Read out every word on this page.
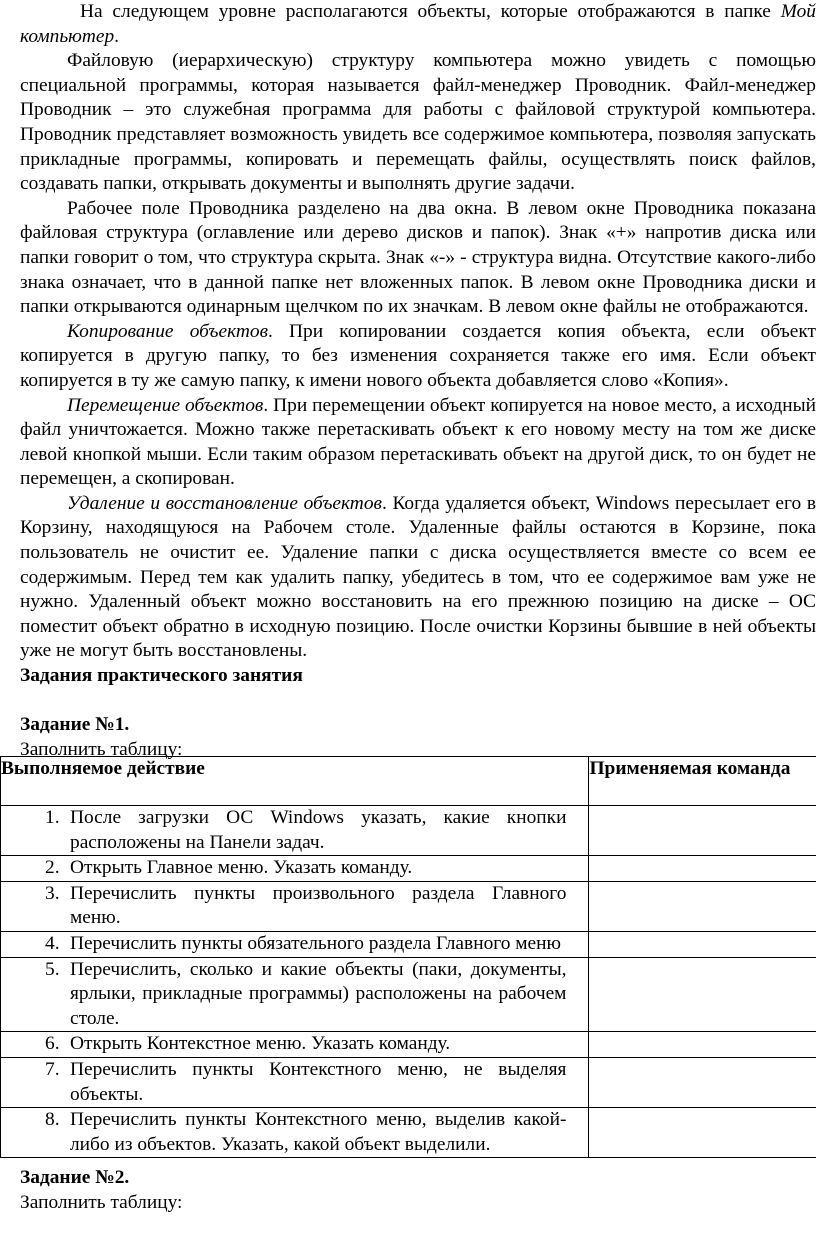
На следующем уровне располагаются объекты, которые отображаются в папке Мой компьютер.

Файловую (иерархическую) структуру компьютера можно увидеть с помощью специальной программы, которая называется файл-менеджер Проводник. Файл-менеджер Проводник – это служебная программа для работы с файловой структурой компьютера. Проводник представляет возможность увидеть все содержимое компьютера, позволяя запускать прикладные программы, копировать и перемещать файлы, осуществлять поиск файлов, создавать папки, открывать документы и выполнять другие задачи.

Рабочее поле Проводника разделено на два окна. В левом окне Проводника показана файловая структура (оглавление или дерево дисков и папок). Знак «+» напротив диска или папки говорит о том, что структура скрыта. Знак «-» - структура видна. Отсутствие какого-либо знака означает, что в данной папке нет вложенных папок. В левом окне Проводника диски и папки открываются одинарным щелчком по их значкам. В левом окне файлы не отображаются.

Копирование объектов. При копировании создается копия объекта, если объект копируется в другую папку, то без изменения сохраняется также его имя. Если объект копируется в ту же самую папку, к имени нового объекта добавляется слово «Копия».

Перемещение объектов. При перемещении объект копируется на новое место, а исходный файл уничтожается. Можно также перетаскивать объект к его новому месту на том же диске левой кнопкой мыши. Если таким образом перетаскивать объект на другой диск, то он будет не перемещен, а скопирован.

Удаление и восстановление объектов. Когда удаляется объект, Windows пересылает его в Корзину, находящуюся на Рабочем столе. Удаленные файлы остаются в Корзине, пока пользователь не очистит ее. Удаление папки с диска осуществляется вместе со всем ее содержимым. Перед тем как удалить папку, убедитесь в том, что ее содержимое вам уже не нужно. Удаленный объект можно восстановить на его прежнюю позицию на диске – ОС поместит объект обратно в исходную позицию. После очистки Корзины бывшие в ней объекты уже не могут быть восстановлены.

Задания практического занятия

Задание №1.

Заполнить таблицу:

Выполняемое действие	Применяемая команда

1. После загрузки ОС Windows указать, какие кнопки расположены на Панели задач.	

2. Открыть Главное меню. Указать команду.	

3. Перечислить пункты произвольного раздела Главного меню.	

4. Перечислить пункты обязательного раздела Главного меню	

5. Перечислить, сколько и какие объекты (паки, документы, ярлыки, прикладные программы) расположены на рабочем столе.	

6. Открыть Контекстное меню. Указать команду.	

7. Перечислить пункты Контекстного меню, не выделяя объекты.	

8. Перечислить пункты Контекстного меню, выделив какой-либо из объектов. Указать, какой объект выделили.	

Задание №2.

Заполнить таблицу:
